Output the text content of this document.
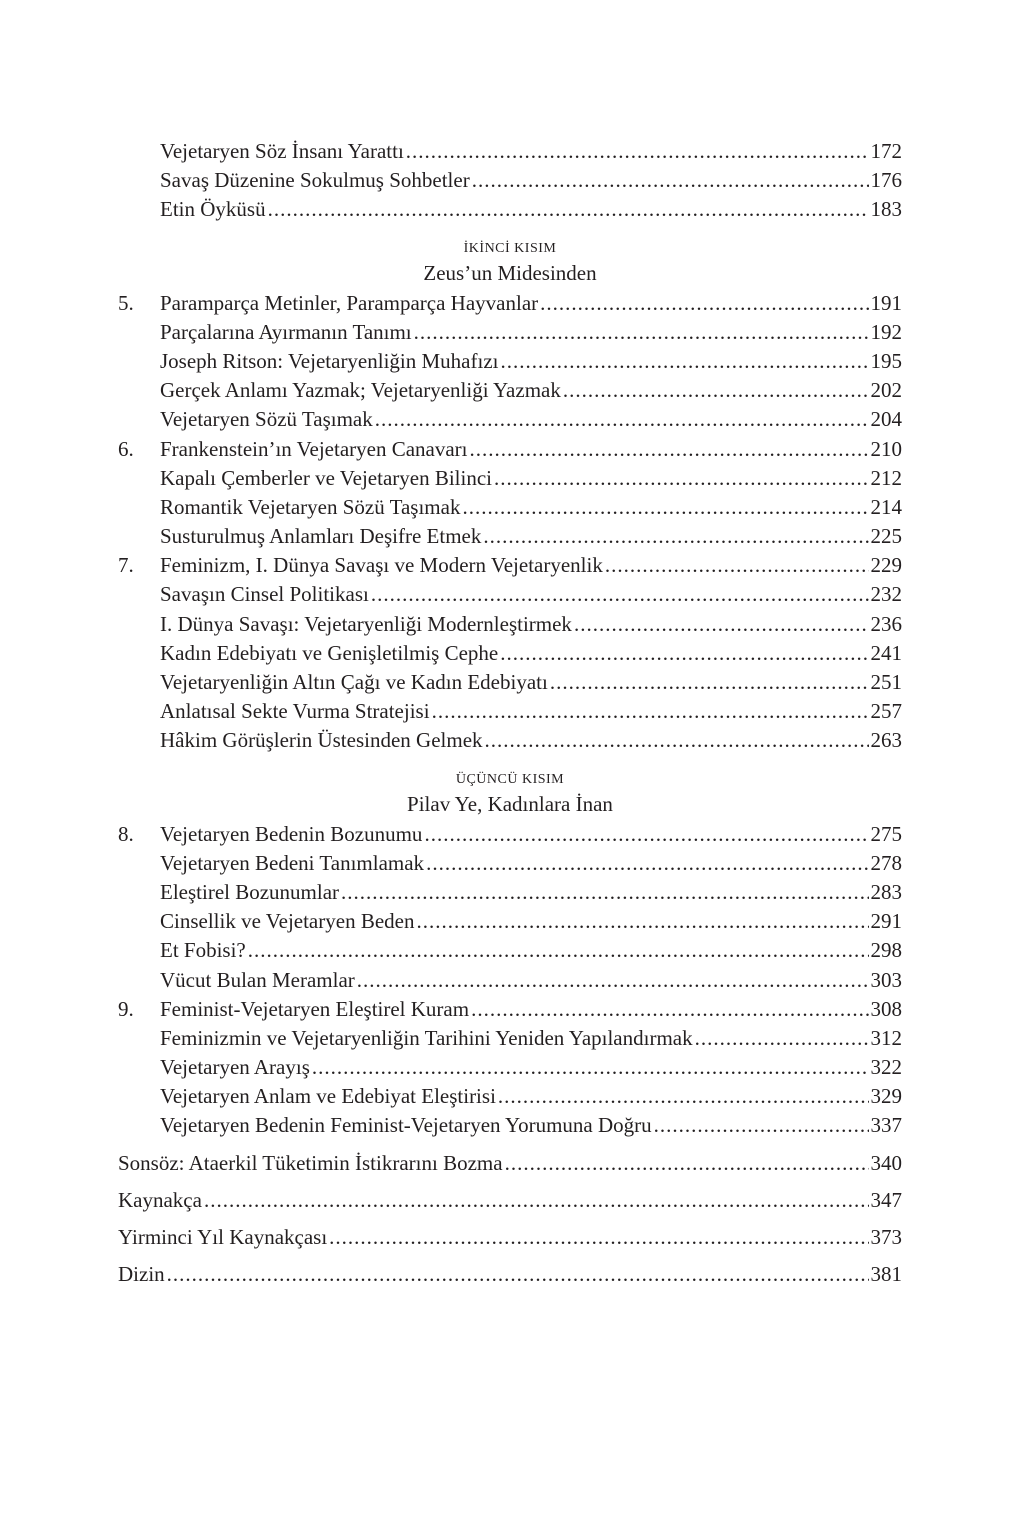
Vejetaryen Söz İnsanı Yarattı .....	172
Savaş Düzenine Sokulmuş Sohbetler .....	176
Etin Öyküsü .....	183
İKİNCİ KISIM
Zeus’un Midesinden
5.	Paramparça Metinler, Paramparça Hayvanlar .....	191
Parçalarına Ayırmanın Tanımı .....	192
Joseph Ritson: Vejetaryenliğin Muhafızı .....	195
Gerçek Anlamı Yazmak; Vejetaryenliği Yazmak .....	202
Vejetaryen Sözü Taşımak .....	204
6.	Frankenstein’ın Vejetaryen Canavarı .....	210
Kapalı Çemberler ve Vejetaryen Bilinci .....	212
Romantik Vejetaryen Sözü Taşımak .....	214
Susturulmuş Anlamları Deşifre Etmek .....	225
7.	Feminizm, I. Dünya Savaşı ve Modern Vejetaryenlik .....	229
Savaşın Cinsel Politikası .....	232
I. Dünya Savaşı: Vejetaryenliği Modernleştirmek .....	236
Kadın Edebiyatı ve Genişletilmiş Cephe .....	241
Vejetaryenliğin Altın Çağı ve Kadın Edebiyatı .....	251
Anlatısal Sekte Vurma Stratejisi .....	257
Hâkim Görüşlerin Üstesinden Gelmek .....	263
ÜÇÜNCÜ KISIM
Pilav Ye, Kadınlara İnan
8.	Vejetaryen Bedenin Bozunumu .....	275
Vejetaryen Bedeni Tanımlamak .....	278
Eleştirel Bozunumlar .....	283
Cinsellik ve Vejetaryen Beden .....	291
Et Fobisi? .....	298
Vücut Bulan Meramlar .....	303
9.	Feminist-Vejetaryen Eleştirel Kuram .....	308
Feminizmin ve Vejetaryenliğin Tarihini Yeniden Yapılandırmak .....	312
Vejetaryen Arayış .....	322
Vejetaryen Anlam ve Edebiyat Eleştirisi .....	329
Vejetaryen Bedenin Feminist-Vejetaryen Yorumuna Doğru .....	337
Sonsöz: Ataerkil Tüketimin İstikrarını Bozma .....	340
Kaynakça .....	347
Yirminci Yıl Kaynakçası .....	373
Dizin .....	381
